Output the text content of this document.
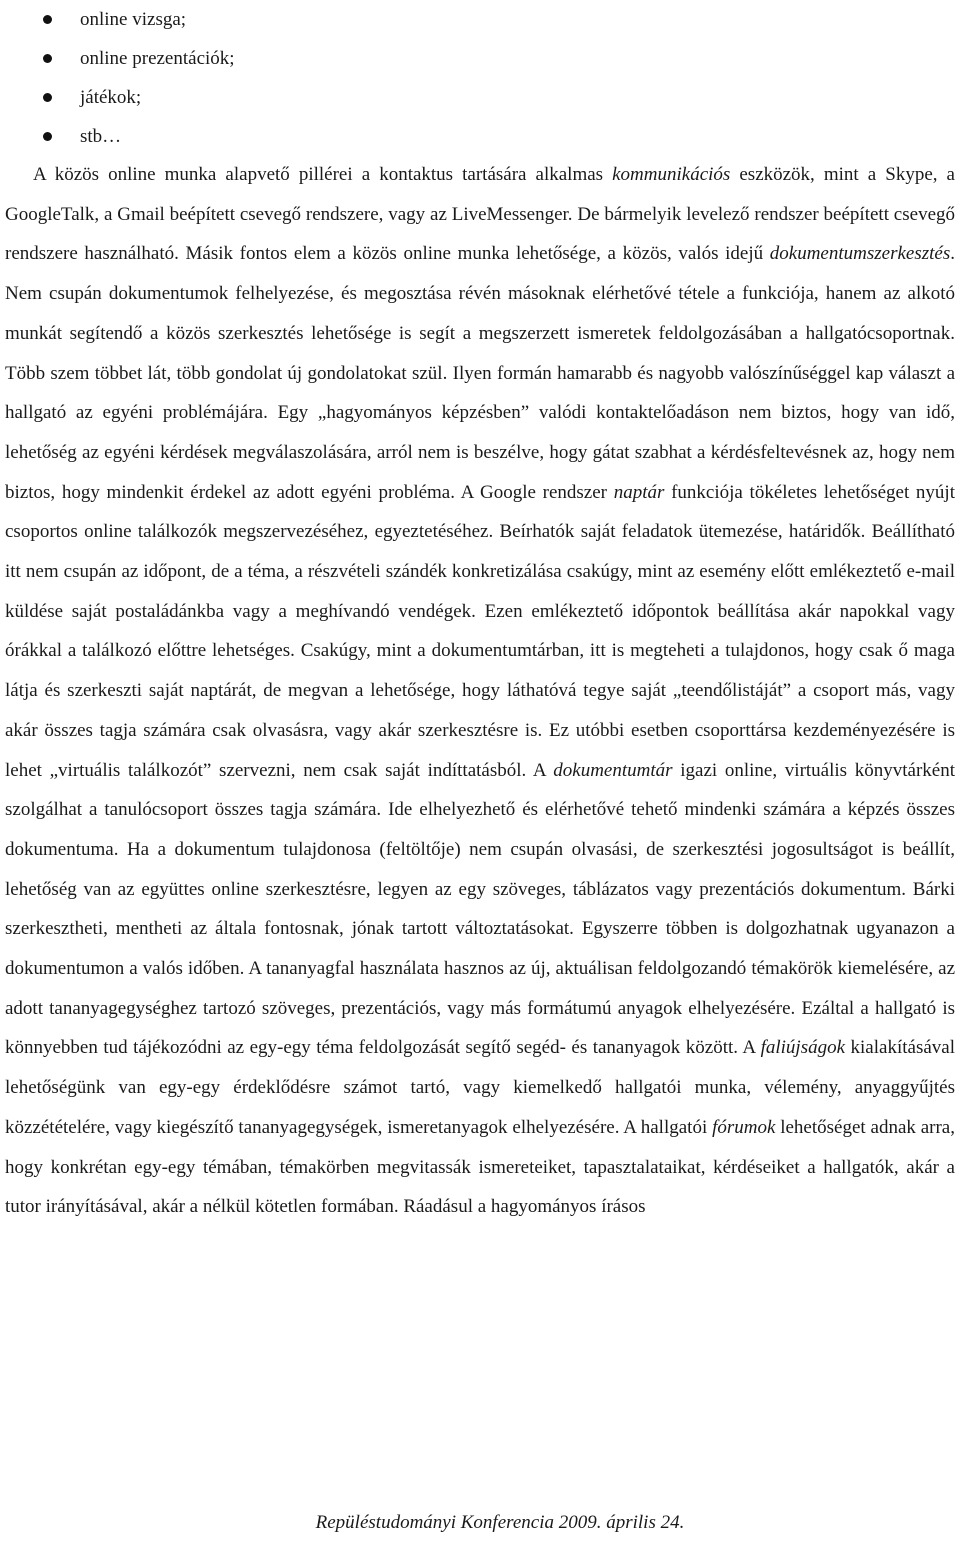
online vizsga;
online prezentációk;
játékok;
stb…

A közös online munka alapvető pillérei a kontaktus tartására alkalmas kommunikációs eszközök, mint a Skype, a GoogleTalk, a Gmail beépített csevegő rendszere, vagy az LiveMessenger. De bármelyik levelező rendszer beépített csevegő rendszere használható. Másik fontos elem a közös online munka lehetősége, a közös, valós idejű dokumentumszerkesztés. Nem csupán dokumentumok felhelyezése, és megosztása révén másoknak elérhetővé tétele a funkciója, hanem az alkotó munkát segítendő a közös szerkesztés lehetősége is segít a megszerzett ismeretek feldolgozásában a hallgatócsoportnak. Több szem többet lát, több gondolat új gondolatokat szül. Ilyen formán hamarabb és nagyobb valószínűséggel kap választ a hallgató az egyéni problémájára. Egy „hagyományos képzésben” valódi kontaktelőadáson nem biztos, hogy van idő, lehetőség az egyéni kérdések megválaszolására, arról nem is beszélve, hogy gátat szabhat a kérdésfeltevésnek az, hogy nem biztos, hogy mindenkit érdekel az adott egyéni probléma. A Google rendszer naptár funkciója tökéletes lehetőséget nyújt csoportos online találkozók megszervezéséhez, egyeztetéséhez. Beírhatók saját feladatok ütemezése, határidők. Beállítható itt nem csupán az időpont, de a téma, a részvételi szándék konkretizálása csakúgy, mint az esemény előtt emlékeztető e-mail küldése saját postaládánkba vagy a meghívandó vendégek. Ezen emlékeztető időpontok beállítása akár napokkal vagy órákkal a találkozó előttre lehetséges. Csakúgy, mint a dokumentumtárban, itt is megteheti a tulajdonos, hogy csak ő maga látja és szerkeszti saját naptárát, de megvan a lehetősége, hogy láthatóvá tegye saját „teendőlistáját” a csoport más, vagy akár összes tagja számára csak olvasásra, vagy akár szerkesztésre is. Ez utóbbi esetben csoporttársa kezdeményezésére is lehet „virtuális találkozót” szervezni, nem csak saját indíttatásból. A dokumentumtár igazi online, virtuális könyvtárként szolgálhat a tanulócsoport összes tagja számára. Ide elhelyezhető és elérhetővé tehető mindenki számára a képzés összes dokumentuma. Ha a dokumentum tulajdonosa (feltöltője) nem csupán olvasási, de szerkesztési jogosultságot is beállít, lehetőség van az együttes online szerkesztésre, legyen az egy szöveges, táblázatos vagy prezentációs dokumentum. Bárki szerkesztheti, mentheti az általa fontosnak, jónak tartott változtatásokat. Egyszerre többen is dolgozhatnak ugyanazon a dokumentumon a valós időben. A tananyagfal használata hasznos az új, aktuálisan feldolgozandó témakörök kiemelésére, az adott tananyagegységhez tartozó szöveges, prezentációs, vagy más formátumú anyagok elhelyezésére. Ezáltal a hallgató is könnyebben tud tájékozódni az egy-egy téma feldolgozását segítő segéd- és tananyagok között. A faliújságok kialakításával lehetőségünk van egy-egy érdeklődésre számot tartó, vagy kiemelkedő hallgatói munka, vélemény, anyaggyűjtés közzétételére, vagy kiegészítő tananyagegységek, ismeretanyagok elhelyezésére. A hallgatói fórumok lehetőséget adnak arra, hogy konkrétan egy-egy témában, témakörben megvitassák ismereteiket, tapasztalataikat, kérdéseiket a hallgatók, akár a tutor irányításával, akár a nélkül kötetlen formában. Ráadásul a hagyományos írásos

Repüléstudományi Konferencia 2009. április 24.
